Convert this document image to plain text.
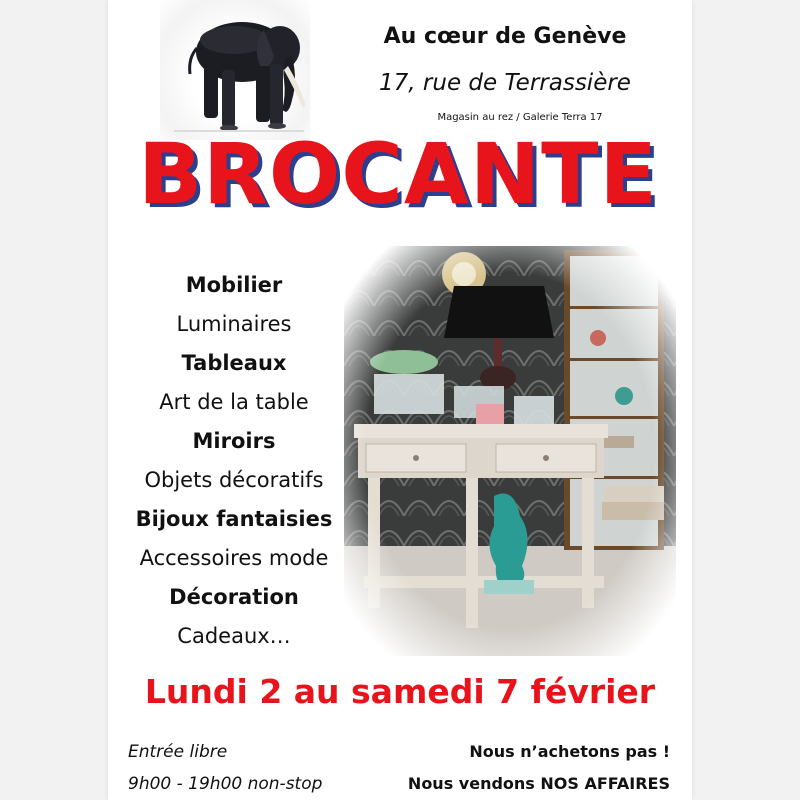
Au cœur de Genève
17, rue de Terrassière
Magasin au rez / Galerie Terra 17
BROCANTE
Mobilier
Luminaires
Tableaux
Art de la table
Miroirs
Objets décoratifs
Bijoux fantaisies
Accessoires mode
Décoration
Cadeaux…
Lundi 2 au samedi 7 février
Entrée libre
9h00 - 19h00 non-stop
Nous n’achetons pas !
Nous vendons NOS AFFAIRES
